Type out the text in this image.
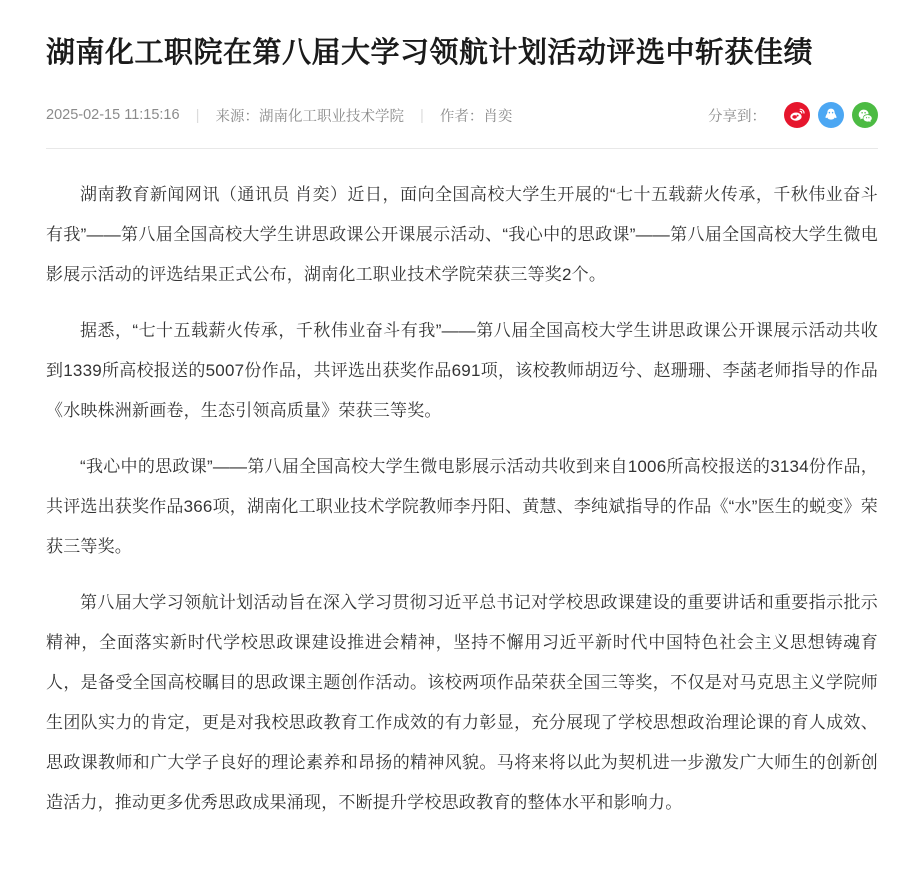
湖南化工职院在第八届大学习领航计划活动评选中斩获佳绩
2025-02-15 11:15:16 | 来源：湖南化工职业技术学院 | 作者：肖奕	分享到：

湖南教育新闻网讯（通讯员 肖奕）近日，面向全国高校大学生开展的“七十五载薪火传承，千秋伟业奋斗有我”——第八届全国高校大学生讲思政课公开课展示活动、“我心中的思政课”——第八届全国高校大学生微电影展示活动的评选结果正式公布，湖南化工职业技术学院荣获三等奖2个。

据悉，“七十五载薪火传承，千秋伟业奋斗有我”——第八届全国高校大学生讲思政课公开课展示活动共收到1339所高校报送的5007份作品，共评选出获奖作品691项，该校教师胡迈兮、赵珊珊、李菡老师指导的作品《水映株洲新画卷，生态引领高质量》荣获三等奖。

“我心中的思政课”——第八届全国高校大学生微电影展示活动共收到来自1006所高校报送的3134份作品，共评选出获奖作品366项，湖南化工职业技术学院教师李丹阳、黄慧、李纯斌指导的作品《“水”医生的蜕变》荣获三等奖。

第八届大学习领航计划活动旨在深入学习贯彻习近平总书记对学校思政课建设的重要讲话和重要指示批示精神，全面落实新时代学校思政课建设推进会精神，坚持不懈用习近平新时代中国特色社会主义思想铸魂育人，是备受全国高校瞩目的思政课主题创作活动。该校两项作品荣获全国三等奖，不仅是对马克思主义学院师生团队实力的肯定，更是对我校思政教育工作成效的有力彰显，充分展现了学校思想政治理论课的育人成效、思政课教师和广大学子良好的理论素养和昂扬的精神风貌。马将来将以此为契机进一步激发广大师生的创新创造活力，推动更多优秀思政成果涌现，不断提升学校思政教育的整体水平和影响力。
